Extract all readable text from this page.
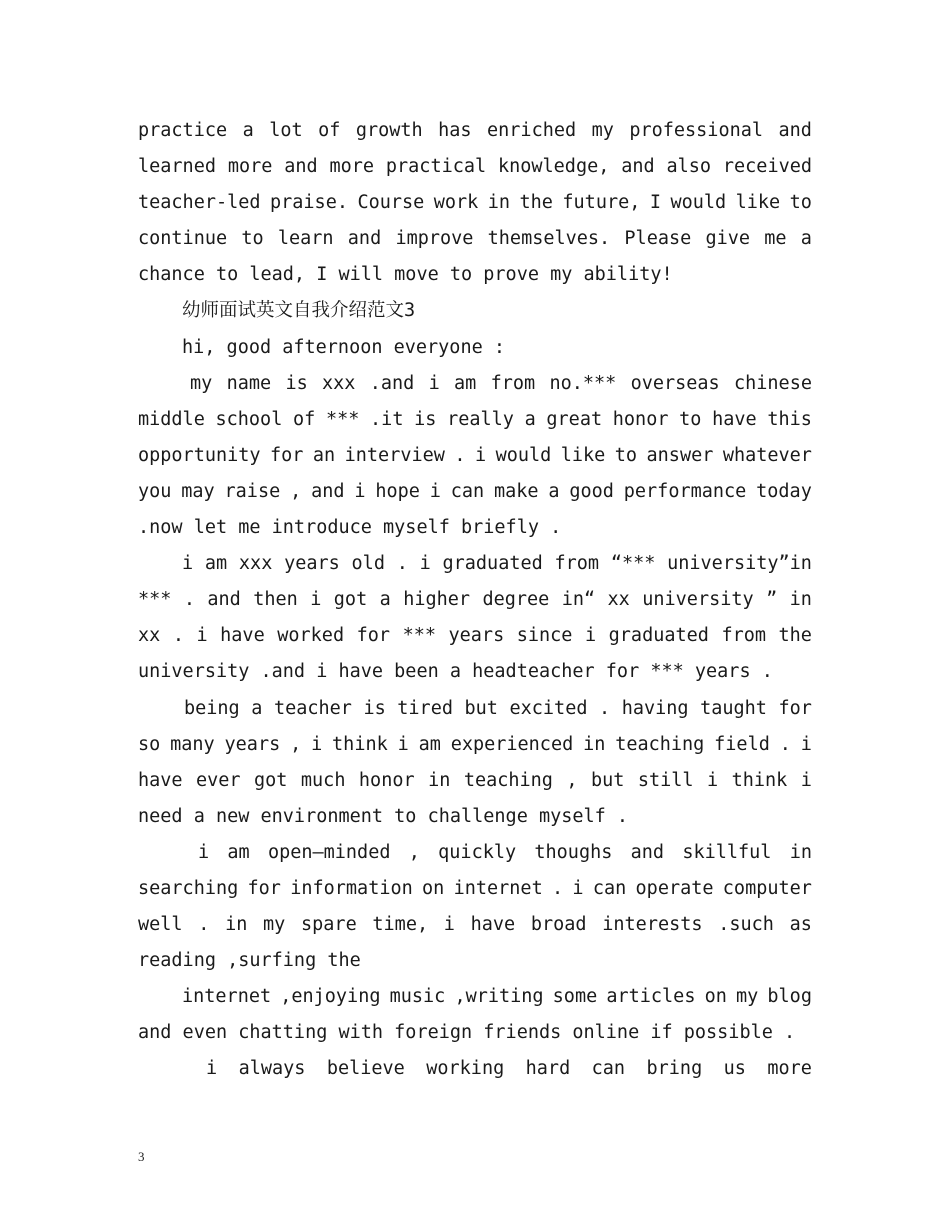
practice a lot of growth has enriched my professional and
learned more and more practical knowledge, and also received
teacher-led praise. Course work in the future, I would like to
continue to learn and improve themselves. Please give me a
chance to lead, I will move to prove my ability!
幼师面试英文自我介绍范文3
hi, good afternoon everyone :
my name is xxx .and i am from no.*** overseas chinese
middle school of *** .it is really a great honor to have this
opportunity for an interview . i would like to answer whatever
you may raise , and i hope i can make a good performance today
.now let me introduce myself briefly .
i am xxx years old . i graduated from “*** university”in
*** . and then i got a higher degree in“ xx university ” in
xx . i have worked for *** years since i graduated from the
university .and i have been a headteacher for *** years .
being a teacher is tired but excited . having taught for
so many years , i think i am experienced in teaching field . i
have ever got much honor in teaching , but still i think i
need a new environment to challenge myself .
i am open—minded , quickly thoughs and skillful in
searching for information on internet . i can operate computer
well . in my spare time, i have broad interests .such as
reading ,surfing the
internet ,enjoying music ,writing some articles on my blog
and even chatting with foreign friends online if possible .
i always believe working hard can bring us more
3
